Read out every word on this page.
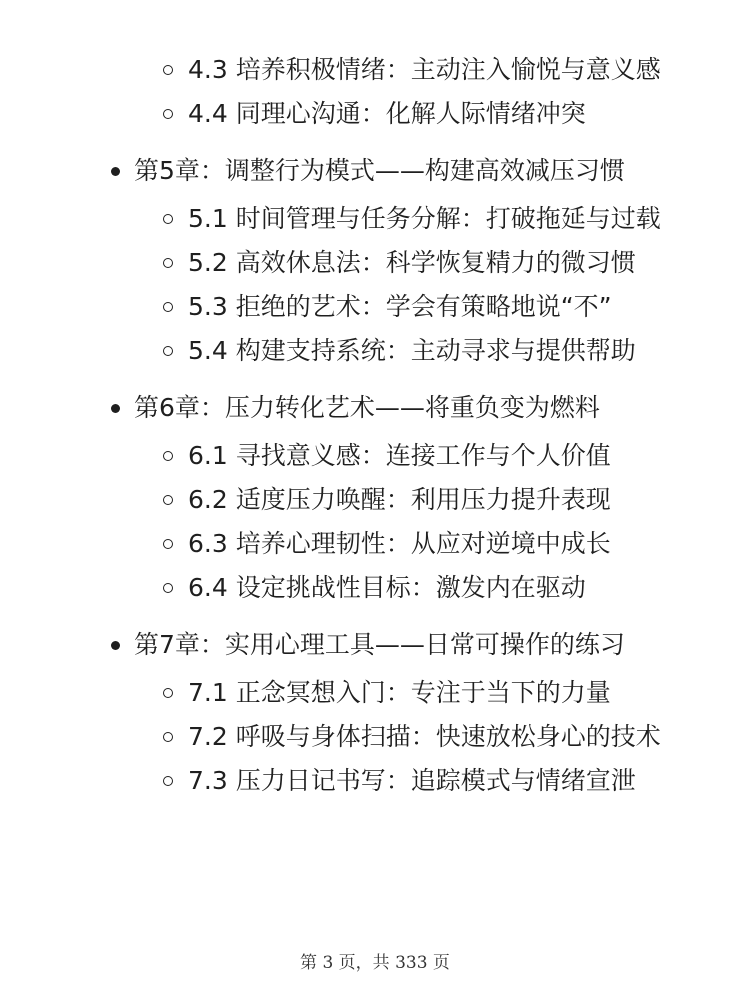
4.3 培养积极情绪：主动注入愉悦与意义感
4.4 同理心沟通：化解人际情绪冲突
第5章：调整行为模式——构建高效减压习惯
5.1 时间管理与任务分解：打破拖延与过载
5.2 高效休息法：科学恢复精力的微习惯
5.3 拒绝的艺术：学会有策略地说“不”
5.4 构建支持系统：主动寻求与提供帮助
第6章：压力转化艺术——将重负变为燃料
6.1 寻找意义感：连接工作与个人价值
6.2 适度压力唤醒：利用压力提升表现
6.3 培养心理韧性：从应对逆境中成长
6.4 设定挑战性目标：激发内在驱动
第7章：实用心理工具——日常可操作的练习
7.1 正念冥想入门：专注于当下的力量
7.2 呼吸与身体扫描：快速放松身心的技术
7.3 压力日记书写：追踪模式与情绪宣泄
第 3 页，共 333 页
